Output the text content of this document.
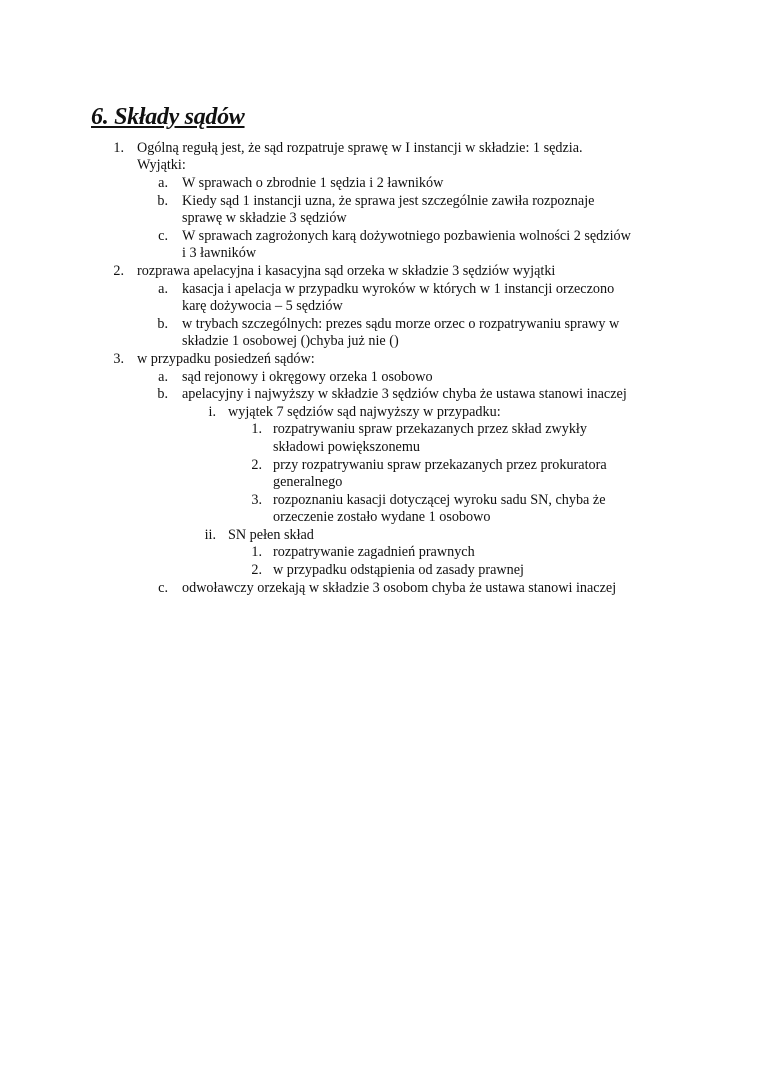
6. Składy sądów
1. Ogólną regułą jest, że sąd rozpatruje sprawę w I instancji w składzie: 1 sędzia.
Wyjątki:
a. W sprawach o zbrodnie 1 sędzia i 2 ławników
b. Kiedy sąd 1 instancji uzna, że sprawa jest szczególnie zawiła rozpoznaje
sprawę w składzie 3 sędziów
c. W sprawach zagrożonych karą dożywotniego pozbawienia wolności 2 sędziów
i 3 ławników
2. rozprawa apelacyjna i kasacyjna sąd orzeka w składzie 3 sędziów wyjątki
a. kasacja i apelacja w przypadku wyroków w których w 1 instancji orzeczono
karę dożywocia – 5 sędziów
b. w trybach szczególnych: prezes sądu morze orzec o rozpatrywaniu sprawy w
składzie 1 osobowej ()chyba już nie ()
3. w przypadku posiedzeń sądów:
a. sąd rejonowy i okręgowy orzeka 1 osobowo
b. apelacyjny i najwyższy w składzie 3 sędziów chyba że ustawa stanowi inaczej
i. wyjątek 7 sędziów sąd najwyższy w przypadku:
1. rozpatrywaniu spraw przekazanych przez skład zwykły
składowi powiększonemu
2. przy rozpatrywaniu spraw przekazanych przez prokuratora
generalnego
3. rozpoznaniu kasacji dotyczącej wyroku sadu SN, chyba że
orzeczenie zostało wydane 1 osobowo
ii. SN pełen skład
1. rozpatrywanie zagadnień prawnych
2. w przypadku odstąpienia od zasady prawnej
c. odwoławczy orzekają w składzie 3 osobom chyba że ustawa stanowi inaczej
